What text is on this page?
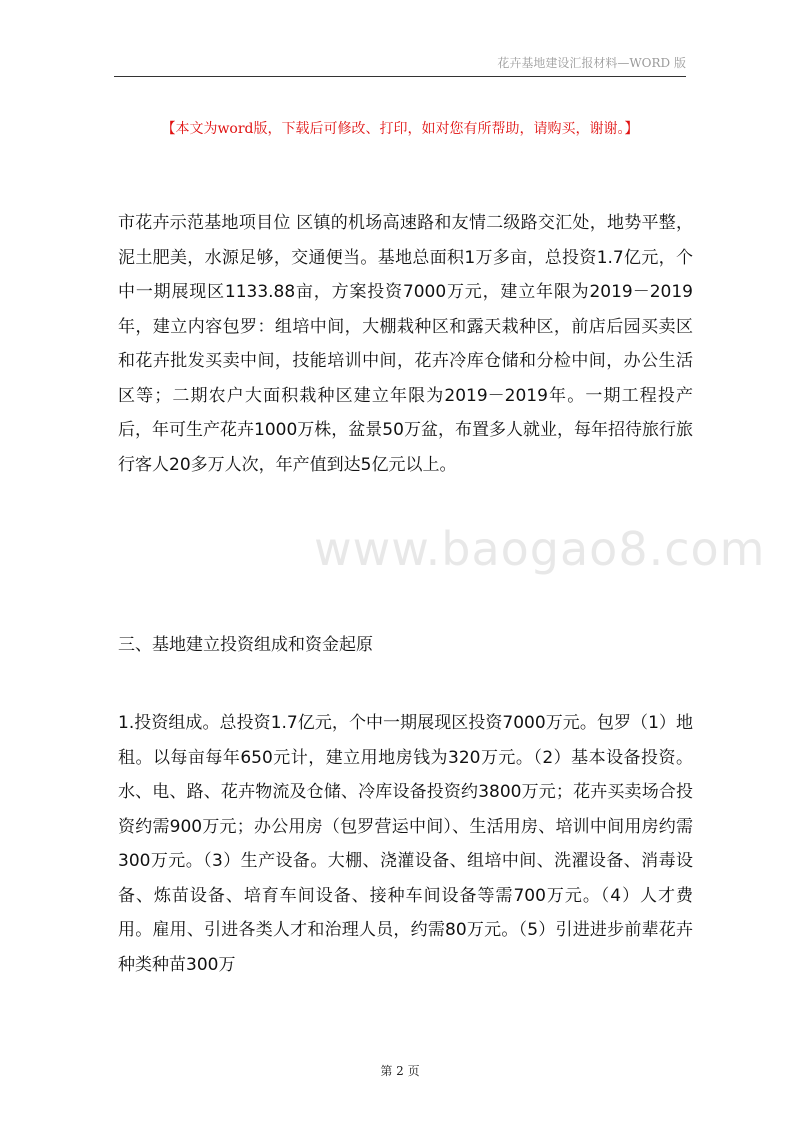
花卉基地建设汇报材料—WORD 版
【本文为word版，下载后可修改、打印，如对您有所帮助，请购买，谢谢。】

市花卉示范基地项目位 区镇的机场高速路和友情二级路交汇处，地势平整，泥土肥美，水源足够，交通便当。基地总面积1万多亩，总投资1.7亿元，个中一期展现区1133.88亩，方案投资7000万元，建立年限为2019－2019年，建立内容包罗：组培中间，大棚栽种区和露天栽种区，前店后园买卖区和花卉批发买卖中间，技能培训中间，花卉冷库仓储和分检中间，办公生活区等；二期农户大面积栽种区建立年限为2019－2019年。一期工程投产后，年可生产花卉1000万株，盆景50万盆，布置多人就业，每年招待旅行旅行客人20多万人次，年产值到达5亿元以上。

www.baogao8.com

三、基地建立投资组成和资金起原

1.投资组成。总投资1.7亿元，个中一期展现区投资7000万元。包罗（1）地租。以每亩每年650元计，建立用地房钱为320万元。（2）基本设备投资。水、电、路、花卉物流及仓储、冷库设备投资约3800万元；花卉买卖场合投资约需900万元；办公用房（包罗营运中间）、生活用房、培训中间用房约需300万元。（3）生产设备。大棚、浇灌设备、组培中间、洗濯设备、消毒设备、炼苗设备、培育车间设备、接种车间设备等需700万元。（4）人才费用。雇用、引进各类人才和治理人员，约需80万元。（5）引进进步前辈花卉种类种苗300万

第 2 页
